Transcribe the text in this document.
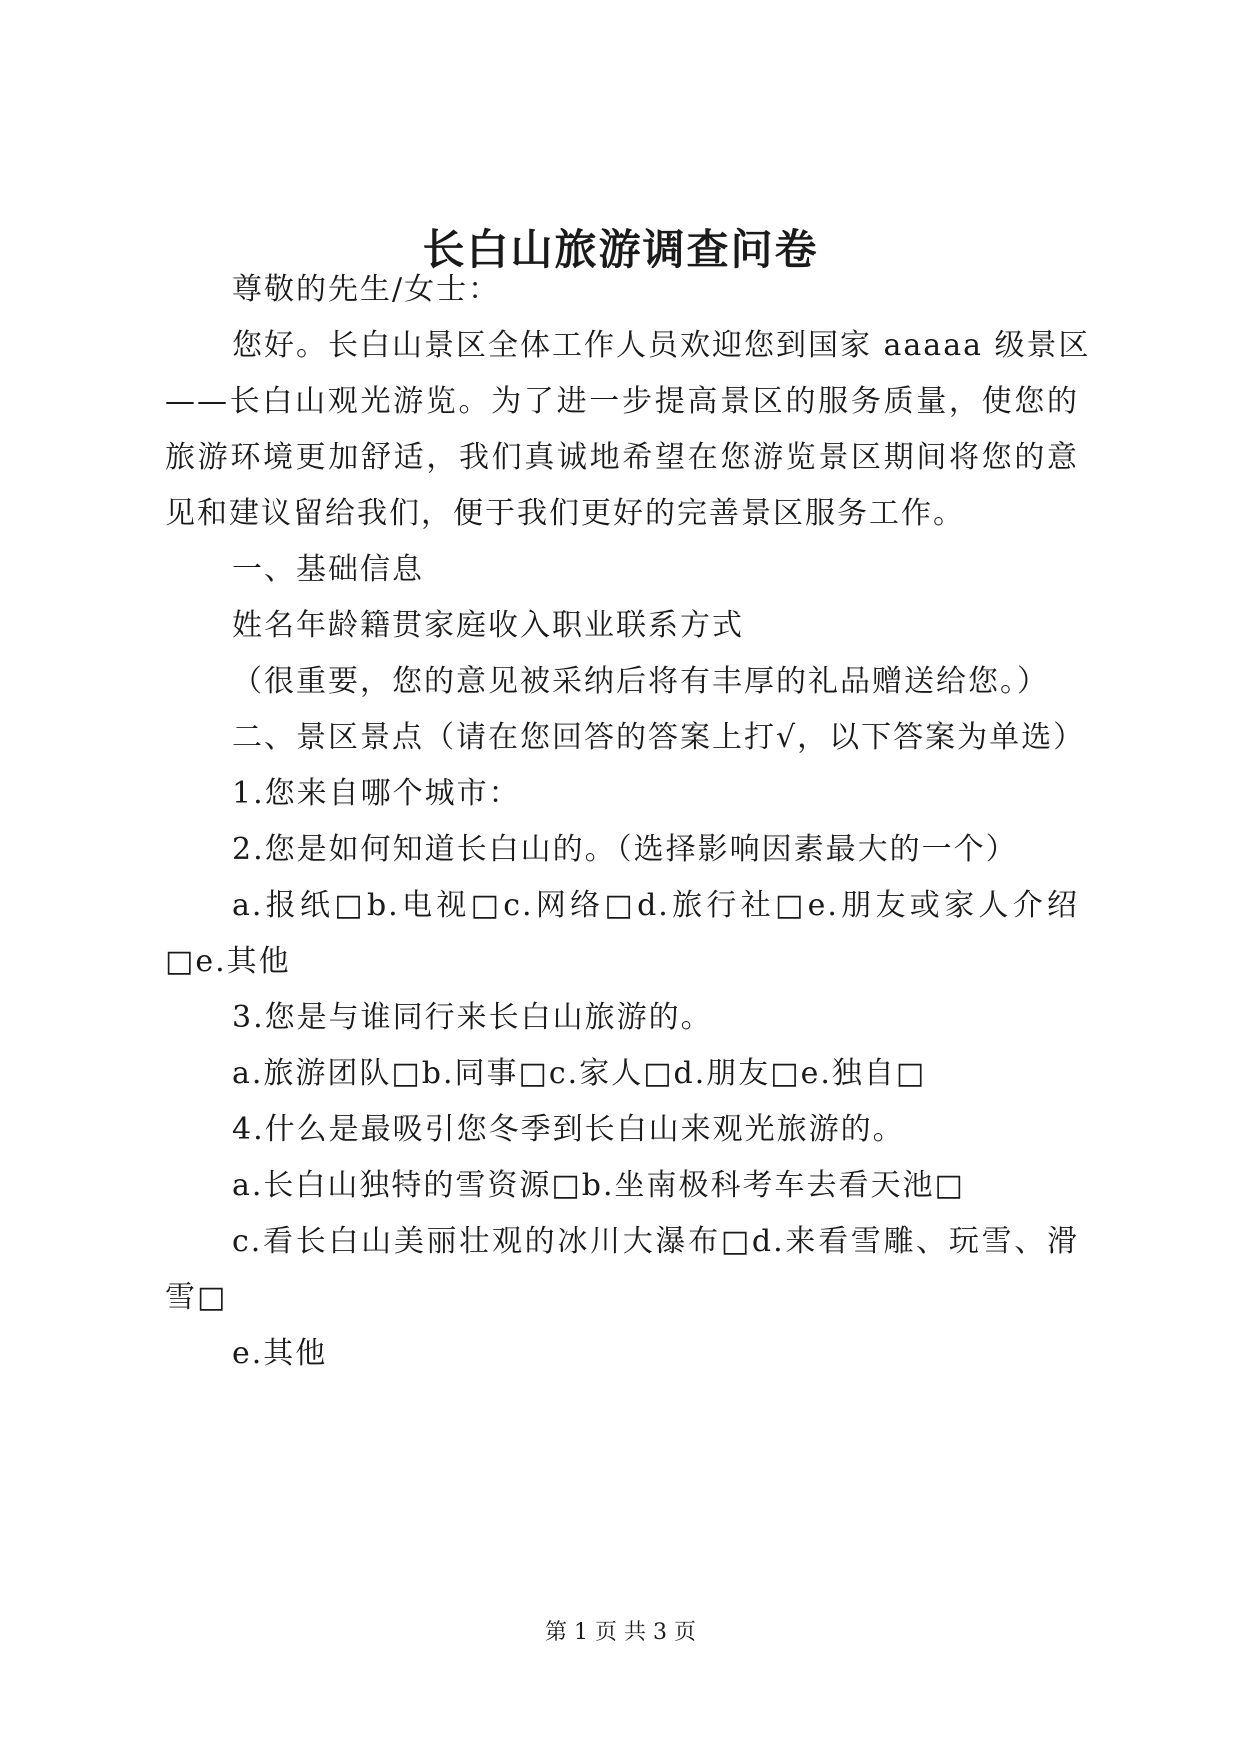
长白山旅游调查问卷
尊敬的先生/女士：
您好。长白山景区全体工作人员欢迎您到国家 aaaaa 级景区
——长白山观光游览。为了进一步提高景区的服务质量，使您的
旅游环境更加舒适，我们真诚地希望在您游览景区期间将您的意
见和建议留给我们，便于我们更好的完善景区服务工作。
一、基础信息
姓名年龄籍贯家庭收入职业联系方式
（很重要，您的意见被采纳后将有丰厚的礼品赠送给您。）
二、景区景点（请在您回答的答案上打√，以下答案为单选）
1.您来自哪个城市：
2.您是如何知道长白山的。（选择影响因素最大的一个）
a.报纸□b.电视□c.网络□d.旅行社□e.朋友或家人介绍
□e.其他
3.您是与谁同行来长白山旅游的。
a.旅游团队□b.同事□c.家人□d.朋友□e.独自□
4.什么是最吸引您冬季到长白山来观光旅游的。
a.长白山独特的雪资源□b.坐南极科考车去看天池□
c.看长白山美丽壮观的冰川大瀑布□d.来看雪雕、玩雪、滑
雪□
e.其他
第 1 页 共 3 页
